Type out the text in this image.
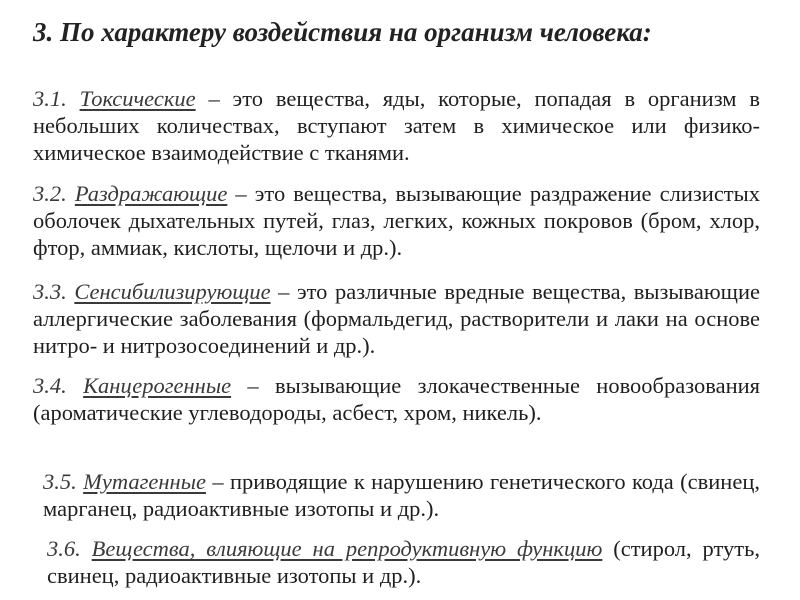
3. По характеру воздействия на организм человека:
3.1. Токсические – это вещества, яды, которые, попадая в организм в небольших количествах, вступают затем в химическое или физико-химическое взаимодействие с тканями.
3.2. Раздражающие – это вещества, вызывающие раздражение слизистых оболочек дыхательных путей, глаз, легких, кожных покровов (бром, хлор, фтор, аммиак, кислоты, щелочи и др.).
3.3. Сенсибилизирующие – это различные вредные вещества, вызывающие аллергические заболевания (формальдегид, растворители и лаки на основе нитро- и нитрозосоединений и др.).
3.4. Канцерогенные – вызывающие злокачественные новообразования (ароматические углеводороды, асбест, хром, никель).
3.5. Мутагенные – приводящие к нарушению генетического кода (свинец, марганец, радиоактивные изотопы и др.).
3.6. Вещества, влияющие на репродуктивную функцию (стирол, ртуть, свинец, радиоактивные изотопы и др.).
